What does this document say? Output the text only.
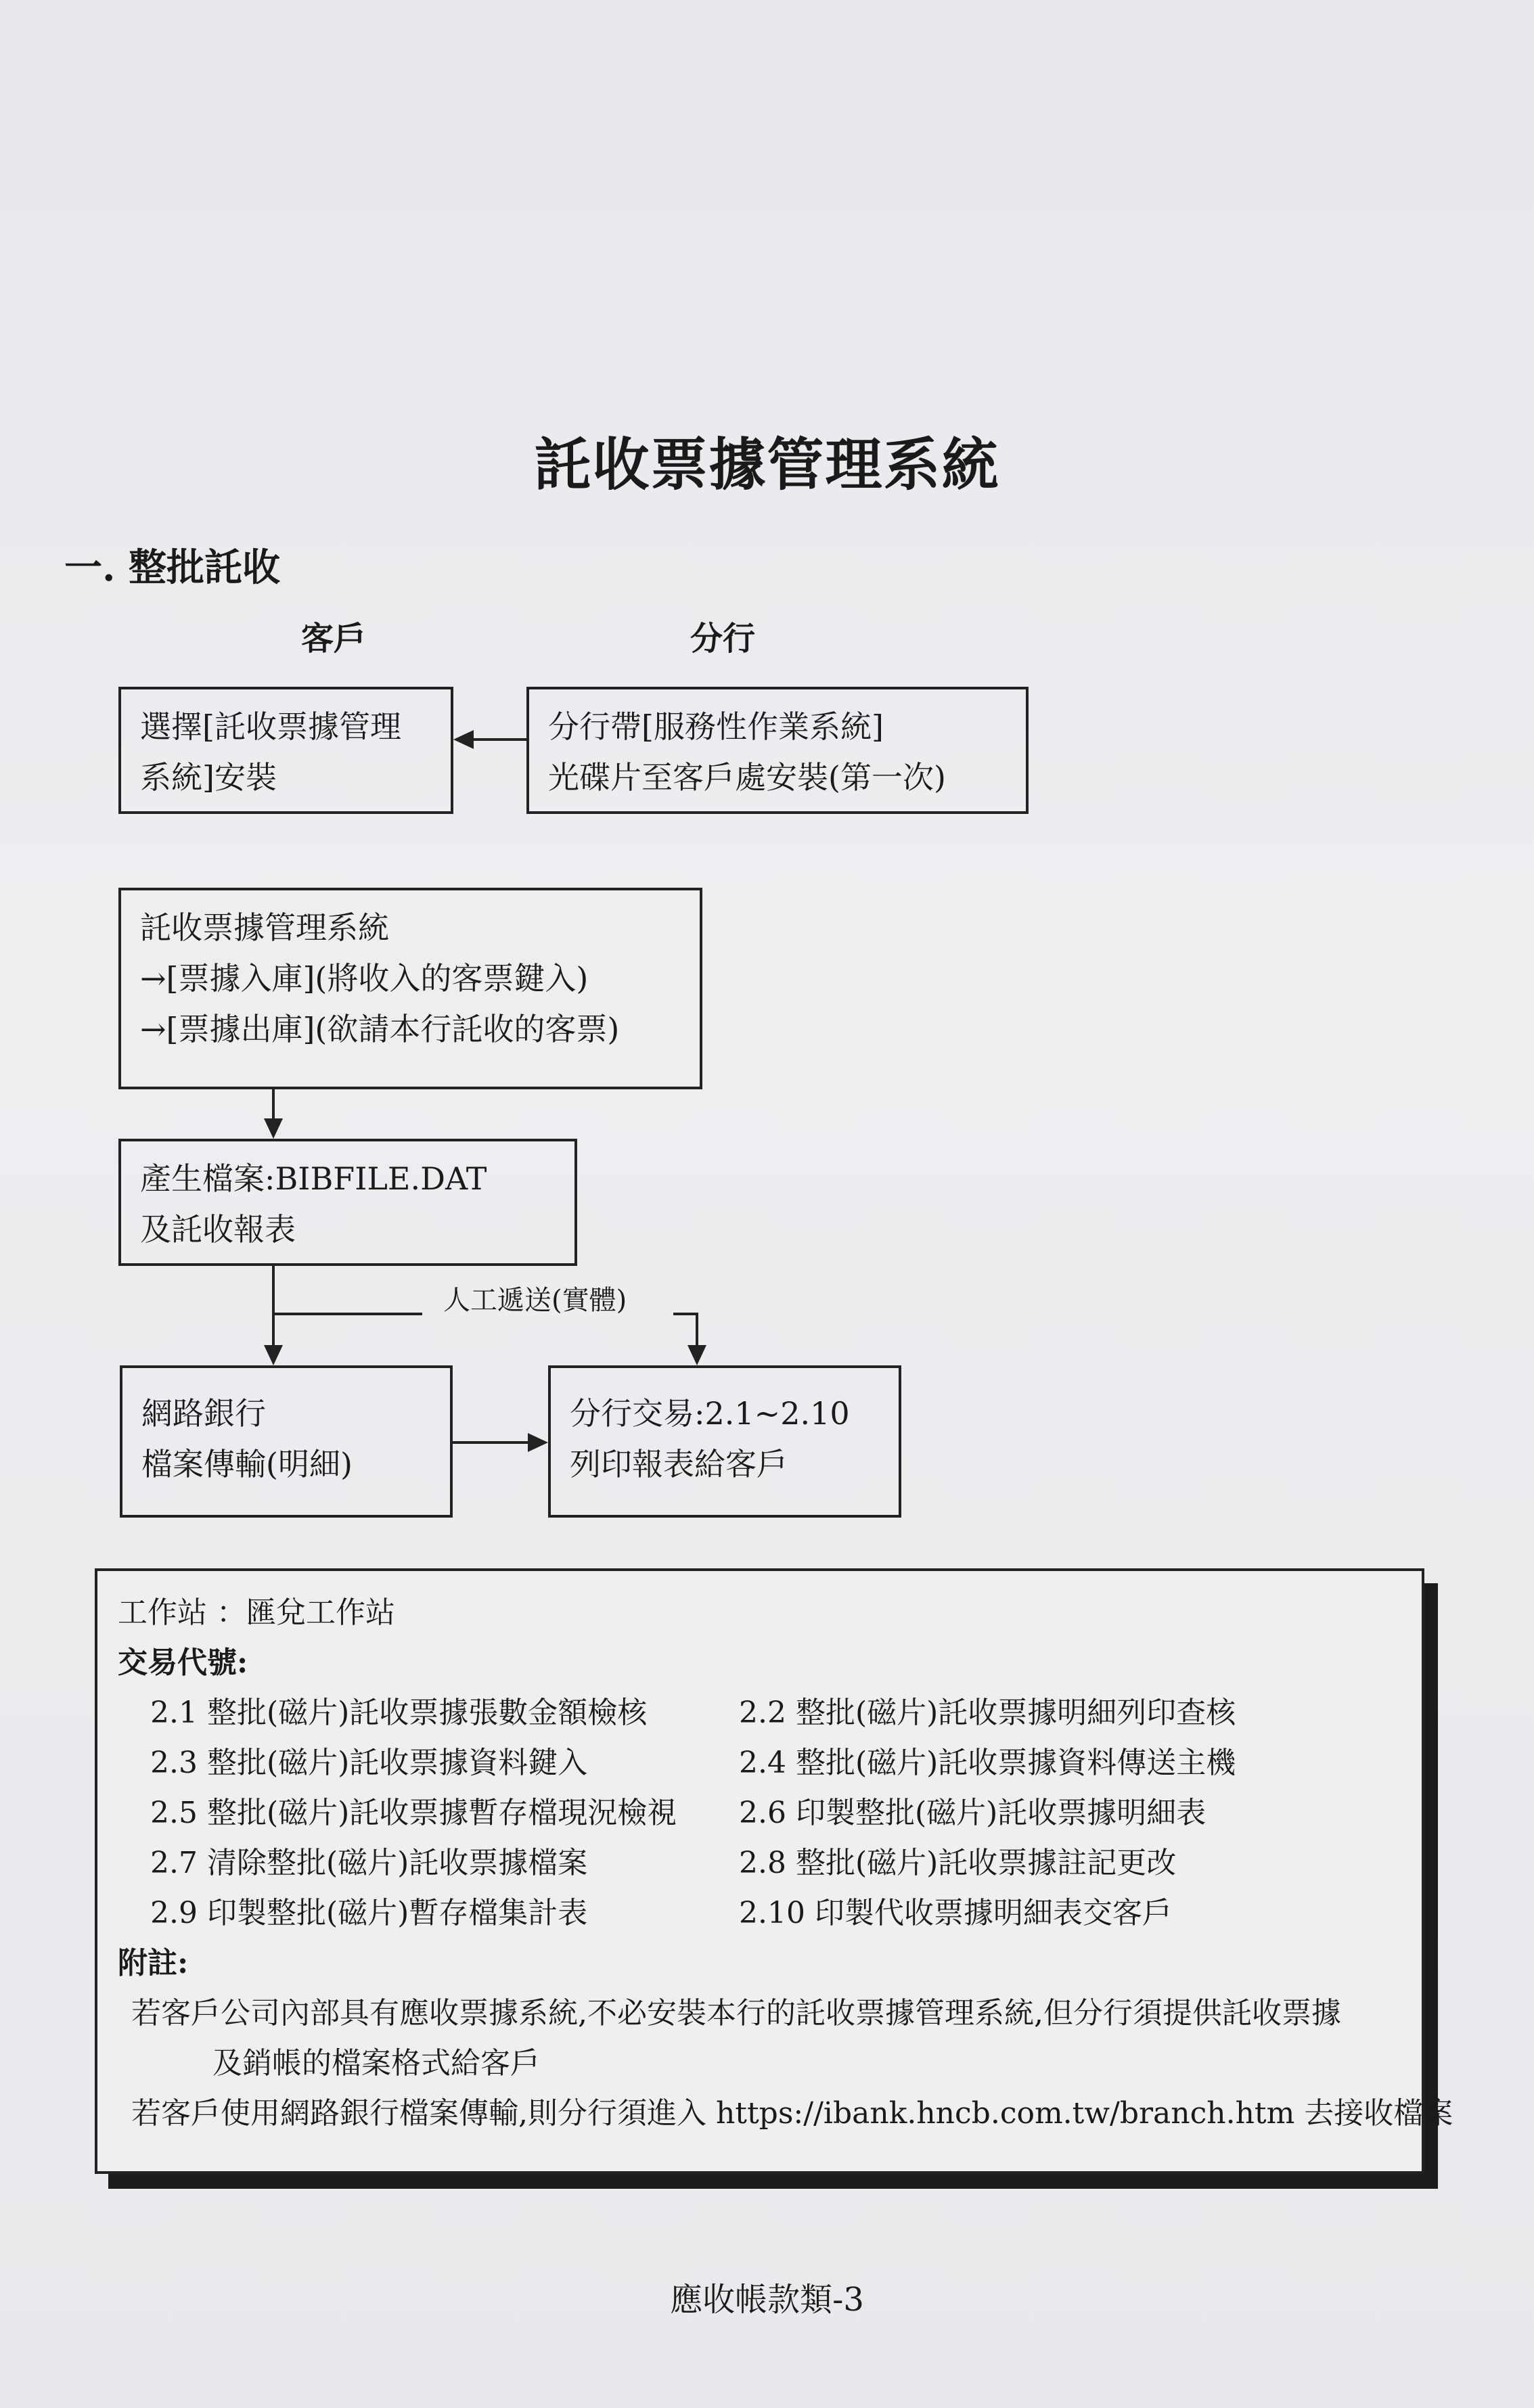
託收票據管理系統
一. 整批託收
客戶	分行
選擇[託收票據管理
系統]安裝
分行帶[服務性作業系統]
光碟片至客戶處安裝(第一次)
託收票據管理系統
→[票據入庫](將收入的客票鍵入)
→[票據出庫](欲請本行託收的客票)
產生檔案:BIBFILE.DAT
及託收報表
網路銀行
檔案傳輸(明細)
分行交易:2.1~2.10
列印報表給客戶
人工遞送(實體)
工作站 ：匯兌工作站
交易代號:
2.1 整批(磁片)託收票據張數金額檢核	2.2 整批(磁片)託收票據明細列印查核
2.3 整批(磁片)託收票據資料鍵入	2.4 整批(磁片)託收票據資料傳送主機
2.5 整批(磁片)託收票據暫存檔現況檢視	2.6 印製整批(磁片)託收票據明細表
2.7 清除整批(磁片)託收票據檔案	2.8 整批(磁片)託收票據註記更改
2.9 印製整批(磁片)暫存檔集計表	2.10 印製代收票據明細表交客戶
附註:
若客戶公司內部具有應收票據系統,不必安裝本行的託收票據管理系統,但分行須提供託收票據
及銷帳的檔案格式給客戶
若客戶使用網路銀行檔案傳輸,則分行須進入 https://ibank.hncb.com.tw/branch.htm 去接收檔案
應收帳款類-3
